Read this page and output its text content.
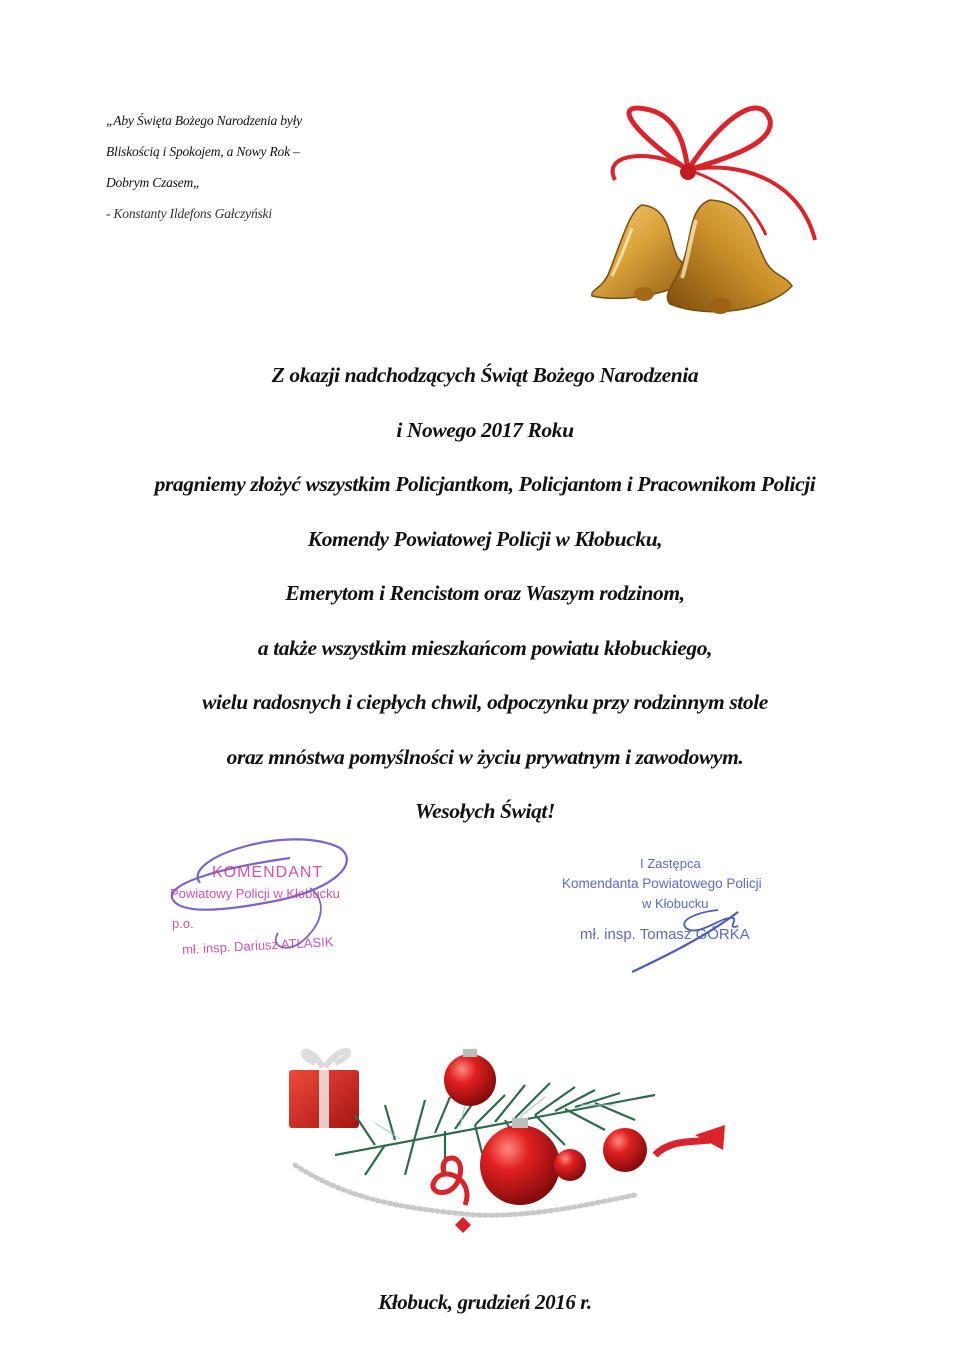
„Aby Święta Bożego Narodzenia były

Bliskością i Spokojem, a Nowy Rok –

Dobrym Czasem„

- Konstanty Ildefons Gałczyński

Z okazji nadchodzących Świąt Bożego Narodzenia
i Nowego 2017 Roku
pragniemy złożyć wszystkim Policjantkom, Policjantom i Pracownikom Policji
Komendy Powiatowej Policji w Kłobucku,
Emerytom i Rencistom oraz Waszym rodzinom,
a także wszystkim mieszkańcom powiatu kłobuckiego,
wielu radosnych i ciepłych chwil, odpoczynku przy rodzinnym stole
oraz mnóstwa pomyślności w życiu prywatnym i zawodowym.
Wesołych Świąt!
KOMENDANT
Powiatowy Policji w Kłobucku
p.o.
mł. insp. Dariusz ATŁASIK
I Zastępca
Komendanta Powiatowego Policji
w Kłobucku
mł. insp. Tomasz GÓRKA
Kłobuck, grudzień 2016 r.
